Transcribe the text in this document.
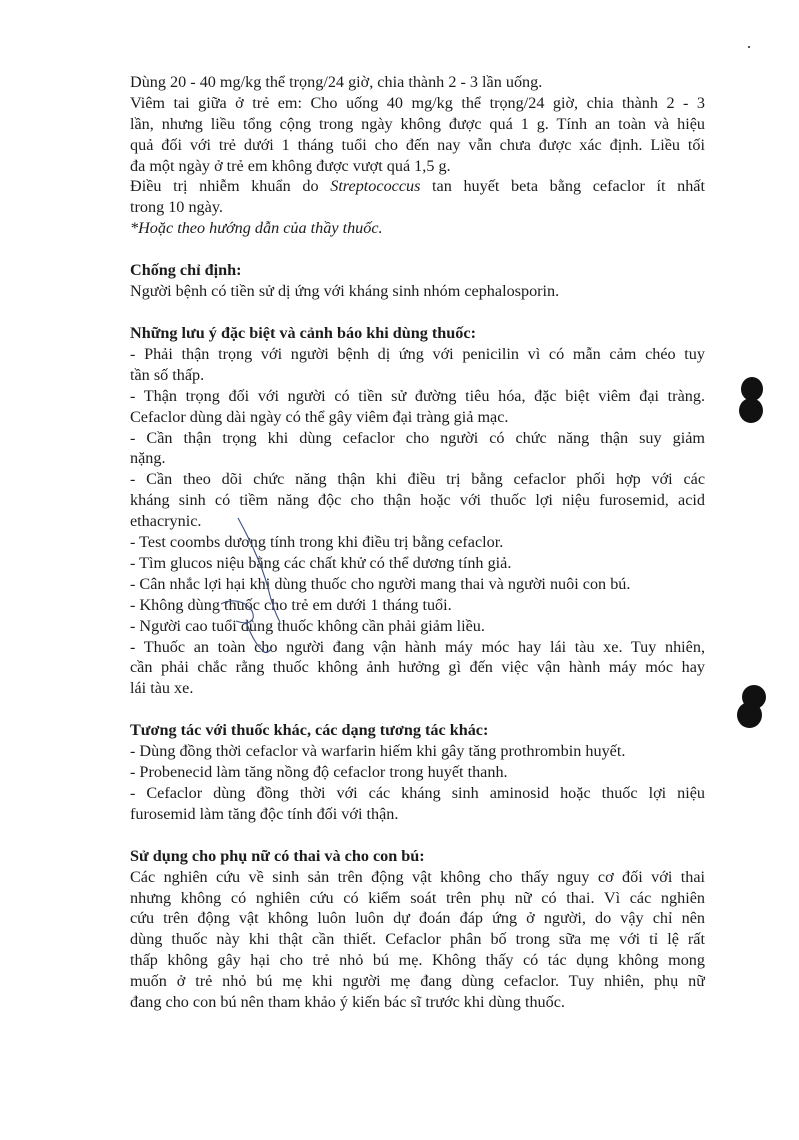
Dùng 20 - 40 mg/kg thể trọng/24 giờ, chia thành 2 - 3 lần uống.
Viêm tai giữa ở trẻ em: Cho uống 40 mg/kg thể trọng/24 giờ, chia thành 2 - 3
lần, nhưng liều tổng cộng trong ngày không được quá 1 g. Tính an toàn và hiệu
quả đối với trẻ dưới 1 tháng tuổi cho đến nay vẫn chưa được xác định. Liều tối
đa một ngày ở trẻ em không được vượt quá 1,5 g.
Điều trị nhiễm khuẩn do Streptococcus tan huyết beta bằng cefaclor ít nhất
trong 10 ngày.
*Hoặc theo hướng dẫn của thầy thuốc.
Chống chỉ định:
Người bệnh có tiền sử dị ứng với kháng sinh nhóm cephalosporin.
Những lưu ý đặc biệt và cảnh báo khi dùng thuốc:
- Phải thận trọng với người bệnh dị ứng với penicilin vì có mẫn cảm chéo tuy
tần số thấp.
- Thận trọng đối với người có tiền sử đường tiêu hóa, đặc biệt viêm đại tràng.
Cefaclor dùng dài ngày có thể gây viêm đại tràng giả mạc.
- Cần thận trọng khi dùng cefaclor cho người có chức năng thận suy giảm
nặng.
- Cần theo dõi chức năng thận khi điều trị bằng cefaclor phối hợp với các
kháng sinh có tiềm năng độc cho thận hoặc với thuốc lợi niệu furosemid, acid
ethacrynic.
- Test coombs dương tính trong khi điều trị bằng cefaclor.
- Tìm glucos niệu bằng các chất khử có thể dương tính giả.
- Cân nhắc lợi hại khi dùng thuốc cho người mang thai và người nuôi con bú.
- Không dùng thuốc cho trẻ em dưới 1 tháng tuổi.
- Người cao tuổi dùng thuốc không cần phải giảm liều.
- Thuốc an toàn cho người đang vận hành máy móc hay lái tàu xe. Tuy nhiên,
cần phải chắc rằng thuốc không ảnh hưởng gì đến việc vận hành máy móc hay
lái tàu xe.
Tương tác với thuốc khác, các dạng tương tác khác:
- Dùng đồng thời cefaclor và warfarin hiếm khi gây tăng prothrombin huyết.
- Probenecid làm tăng nồng độ cefaclor trong huyết thanh.
- Cefaclor dùng đồng thời với các kháng sinh aminosid hoặc thuốc lợi niệu
furosemid làm tăng độc tính đối với thận.
Sử dụng cho phụ nữ có thai và cho con bú:
Các nghiên cứu về sinh sản trên động vật không cho thấy nguy cơ đối với thai
nhưng không có nghiên cứu có kiểm soát trên phụ nữ có thai. Vì các nghiên
cứu trên động vật không luôn luôn dự đoán đáp ứng ở người, do vậy chỉ nên
dùng thuốc này khi thật cần thiết. Cefaclor phân bố trong sữa mẹ với tỉ lệ rất
thấp không gây hại cho trẻ nhỏ bú mẹ. Không thấy có tác dụng không mong
muốn ở trẻ nhỏ bú mẹ khi người mẹ đang dùng cefaclor. Tuy nhiên, phụ nữ
đang cho con bú nên tham khảo ý kiến bác sĩ trước khi dùng thuốc.
